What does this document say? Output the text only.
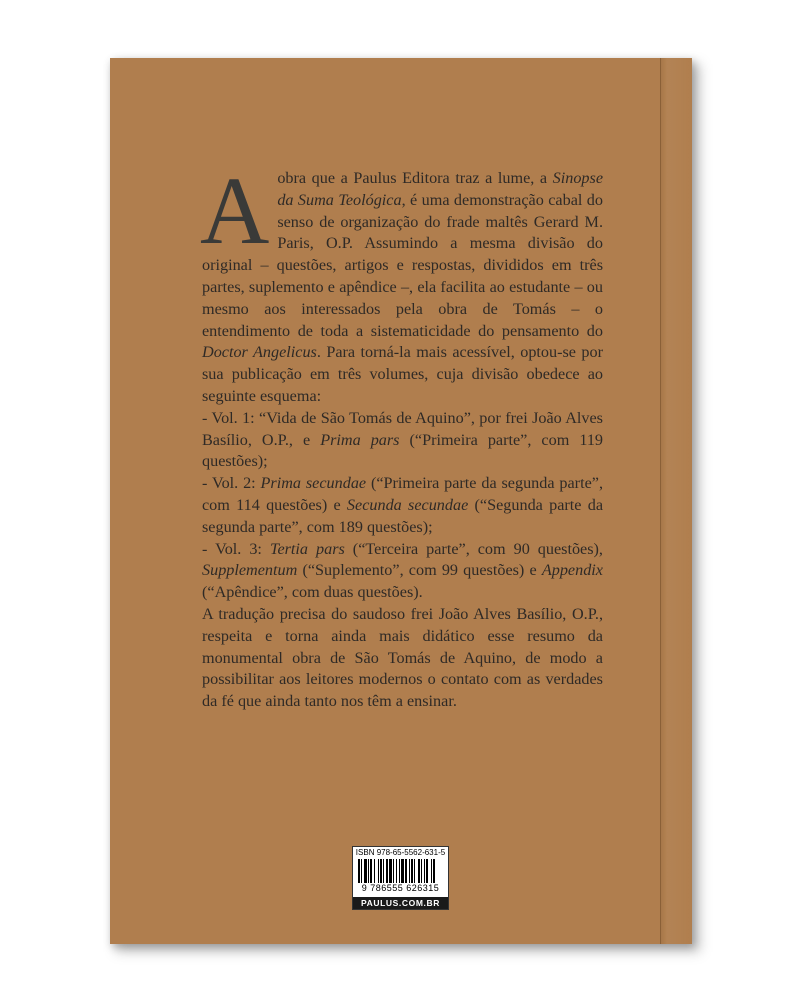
A obra que a Paulus Editora traz a lume, a Sinopse da Suma Teológica, é uma demonstração cabal do senso de organização do frade maltês Gerard M. Paris, O.P. Assumindo a mesma divisão do original – questões, artigos e respostas, divididos em três partes, suplemento e apêndice –, ela facilita ao estudante – ou mesmo aos interessados pela obra de Tomás – o entendimento de toda a sistematicidade do pensamento do Doctor Angelicus. Para torná-la mais acessível, optou-se por sua publicação em três volumes, cuja divisão obedece ao seguinte esquema:

- Vol. 1: “Vida de São Tomás de Aquino”, por frei João Alves Basílio, O.P., e Prima pars (“Primeira parte”, com 119 questões);

- Vol. 2: Prima secundae (“Primeira parte da segunda parte”, com 114 questões) e Secunda secundae (“Segunda parte da segunda parte”, com 189 questões);

- Vol. 3: Tertia pars (“Terceira parte”, com 90 questões), Supplementum (“Suplemento”, com 99 questões) e Appendix (“Apêndice”, com duas questões).

A tradução precisa do saudoso frei João Alves Basílio, O.P., respeita e torna ainda mais didático esse resumo da monumental obra de São Tomás de Aquino, de modo a possibilitar aos leitores modernos o contato com as verdades da fé que ainda tanto nos têm a ensinar.

ISBN 978-65-5562-631-5
9 786555 626315
PAULUS.COM.BR
